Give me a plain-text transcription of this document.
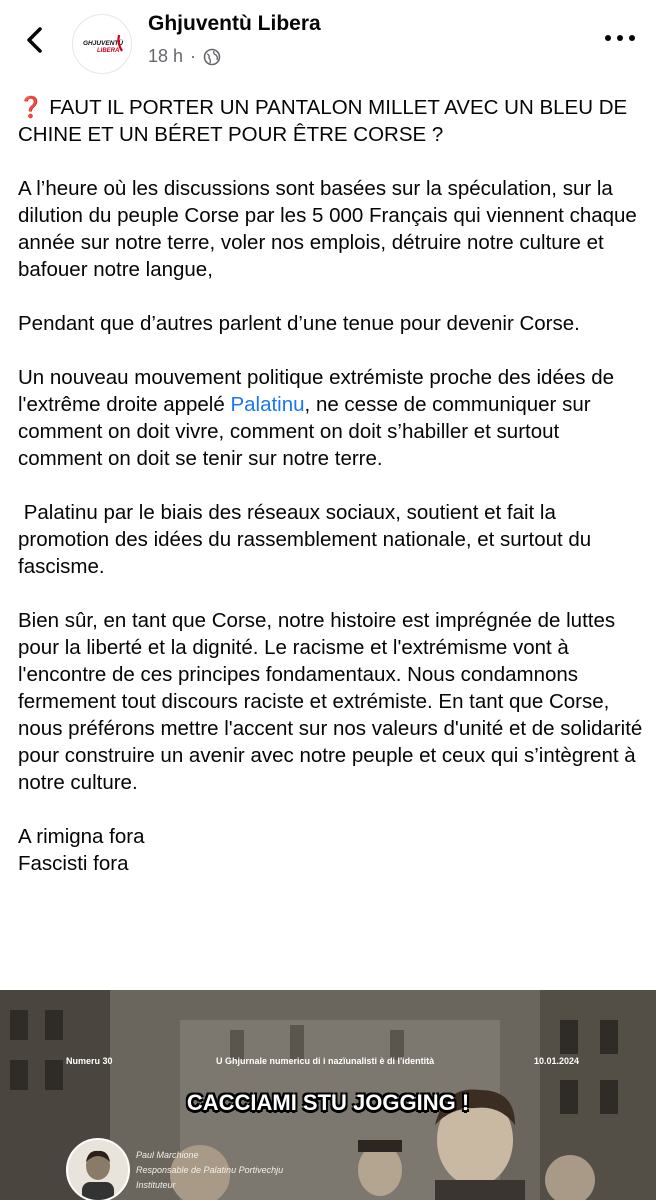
GHJUVENTÙ
LIBERA
Ghjuventù Libera
18 h ·

❓ FAUT IL PORTER UN PANTALON MILLET AVEC UN BLEU DE CHINE ET UN BÉRET POUR ÊTRE CORSE ?

A l’heure où les discussions sont basées sur la spéculation, sur la dilution du peuple Corse par les 5 000 Français qui viennent chaque année sur notre terre, voler nos emplois, détruire notre culture et bafouer notre langue,

Pendant que d’autres parlent d’une tenue pour devenir Corse.

Un nouveau mouvement politique extrémiste proche des idées de l'extrême droite appelé Palatinu, ne cesse de communiquer sur comment on doit vivre, comment on doit s’habiller et surtout comment on doit se tenir sur notre terre.

Palatinu par le biais des réseaux sociaux, soutient et fait la promotion des idées du rassemblement nationale, et surtout du fascisme.

Bien sûr, en tant que Corse, notre histoire est imprégnée de luttes pour la liberté et la dignité. Le racisme et l'extrémisme vont à l'encontre de ces principes fondamentaux. Nous condamnons fermement tout discours raciste et extrémiste. En tant que Corse, nous préférons mettre l'accent sur nos valeurs d'unité et de solidarité pour construire un avenir avec notre peuple et ceux qui s’intègrent à notre culture.

A rimigna fora
Fascisti fora

Numeru 30	U Ghjurnale numericu di i nazïunalisti è di l'identità	10.01.2024
CACCIAMI STU JOGGING !
Paul Marchione
Responsable de Palatinu Portivechju
Instituteur
